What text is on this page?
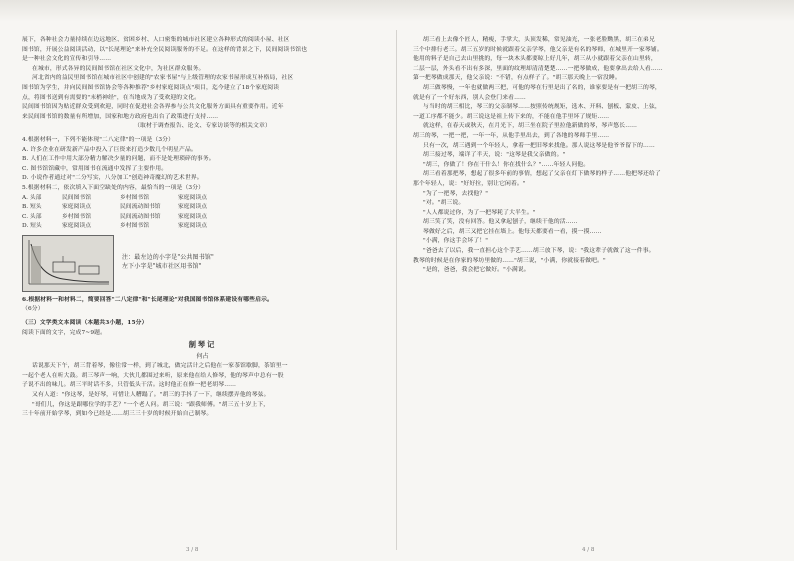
展下，各种社会力量持续在边远地区、贫困乡村、人口密集的城市社区建立各种形式的阅读小屋、社区

图书馆，开展公益阅读活动，以"长尾理论"来补充全民阅读服务的不足。在这样的背景之下，民间阅读书馆也

是一种社会文化的宣传和引导……

在城市，形式各异的民间图书馆在社区文化中，为社区群众服务。

河北省内的益民里图书馆在城市社区中创建的"农家书屋"与上级管理的农家书屋形成互补格局，社区

图书馆为学生，并向民间图书馆协会等各种推荐"乡村家庭阅读点"项目，迄今建立了18个家庭阅读

点，将图书送到有需要的"末梢神经"，在当地成为了受欢迎的文化。

民间图书馆因为贴近群众受到欢迎，同时在促进社会各界参与公共文化服务方面具有重要作用。近年

来民间图书馆的数量有所增加，国家和地方政府也出台了政策进行支持……

（取材于调查报告、论文、专家访谈等的相关文章）

4.根据材料一，下列不能体现"二八定律"的一项是（3分）

A. 许多企业在研发新产品中投入了巨资来打造少数几个明星产品。

B. 人们在工作中用大部分精力解决少量的问题，而不是处理琐碎的事务。

C. 图书馆馆藏中，常用图书在流通中发挥了主要作用。

D. 小说作者通过对"二分写实，八分加工"创造神奇魔幻的艺术世界。

5.根据材料二，依次填入下面空缺处的内容，最恰当的一项是（3分）

A. 头部	民间图书馆	乡村图书馆	家庭阅读点
B. 短头	家庭阅读点	民间流动图书馆	家庭阅读点
C. 头部	乡村图书馆	民间流动图书馆	家庭阅读点
D. 短头	家庭阅读点	乡村图书馆	家庭阅读点

注：最左边的小字是"公共图书馆"

左下小字是"城市社区用书馆"

6.根据材料一和材料二，简要回答"二八定律"和"长尾理论"对我国图书馆体系建设有哪些启示。

（6分）

（三）文学类文本阅读（本题共3小题，15分）

阅读下面的文字，完成7~9题。

制琴记
何占

话说那天下午，胡三背着琴，像往常一样，到了城北，做完活计之后他在一家茶馆歇脚，茶馆里一

一起个老人在听大鼓。胡三琴声一响，大伙儿都围过来听，原来他在给人修琴，他的琴声中总有一股

子说不出的味儿。胡三平时话不多，只管低头干活。这时他正在修一把老胡琴……

又有人道："你这琴，是好琴，可惜让人糟蹋了。"胡三的手抖了一下，继续摆弄他的琴弦。

"哥们儿，你这是跟哪位学的手艺？"一个老人问。胡三说："跟我师傅。"胡三五十岁上下，

三十年前开始学琴，到如今已经是……胡三三十岁的时候开始自己制琴。

3 / 8

胡三看上去像个匠人，精瘦，手掌大，头顶发稀，常见油光，一张老脸黝黑，胡三在弟兄

三个中排行老三。胡三五岁的时候就跟着父亲学琴，他父亲是有名的琴师，在城里开一家琴铺。

他用的料子是自己去山里挑的，每一块木头都要晾上好几年，胡三从小就跟着父亲在山里转，

二层一层，外头看不出有多深，里面的纹理却清清楚楚……一把琴做成，他要拿出去给人看……

第一把琴做成那天，他父亲说："不错，有点样子了。"胡三那天晚上一宿没睡。

胡三做琴慢，一年也就做两三把，可他的琴在行里是出了名的，谁家要是有一把胡三的琴，

就是有了一个好东西，别人会登门来看……

与当时的胡三相比，琴三的父亲制琴……按照传统规矩，选木、开料、刨板、蒙皮、上弦，

一道工序都不能少。胡三说这是祖上传下来的，不能在他手里坏了规矩……

就这样，在春天或秋天，在月光下，胡三坐在院子里拉他新做的琴，琴声悠长……

胡三的琴，一把一把，一年一年，从他手里出去，到了各地的琴师手里……

只有一次，胡三遇到一个年轻人，拿着一把旧琴来找他。那人说这琴是他爷爷留下的……

胡三接过琴，端详了半天，说："这琴是我父亲做的。"

"胡三，你做了！你在干什么！你在找什么？"……年轻人问他。

胡三看着那把琴，想起了很多年前的事情，想起了父亲在灯下做琴的样子……他把琴还给了

那个年轻人，说："好好拉，别让它闲着。"

"为了一把琴，去找他？"

"对。"胡三说。

"人人都说过你，为了一把琴耗了大半生。"

胡三笑了笑，没有回答。他又拿起刨子，继续干他的活……

琴做好之后，胡三又把它挂在墙上。他每天都要看一看，摸一摸……

"小满，你这手会坏了！"

"爸爸去了以后，我一直担心这个手艺……胡三放下琴，说："我这辈子就做了这一件事。

教琴的时候是在你家的琴坊里做的……"胡三说，"小满，你就接着做吧。"

"是的，爸爸，我会把它做好。"小满说。

4 / 8
